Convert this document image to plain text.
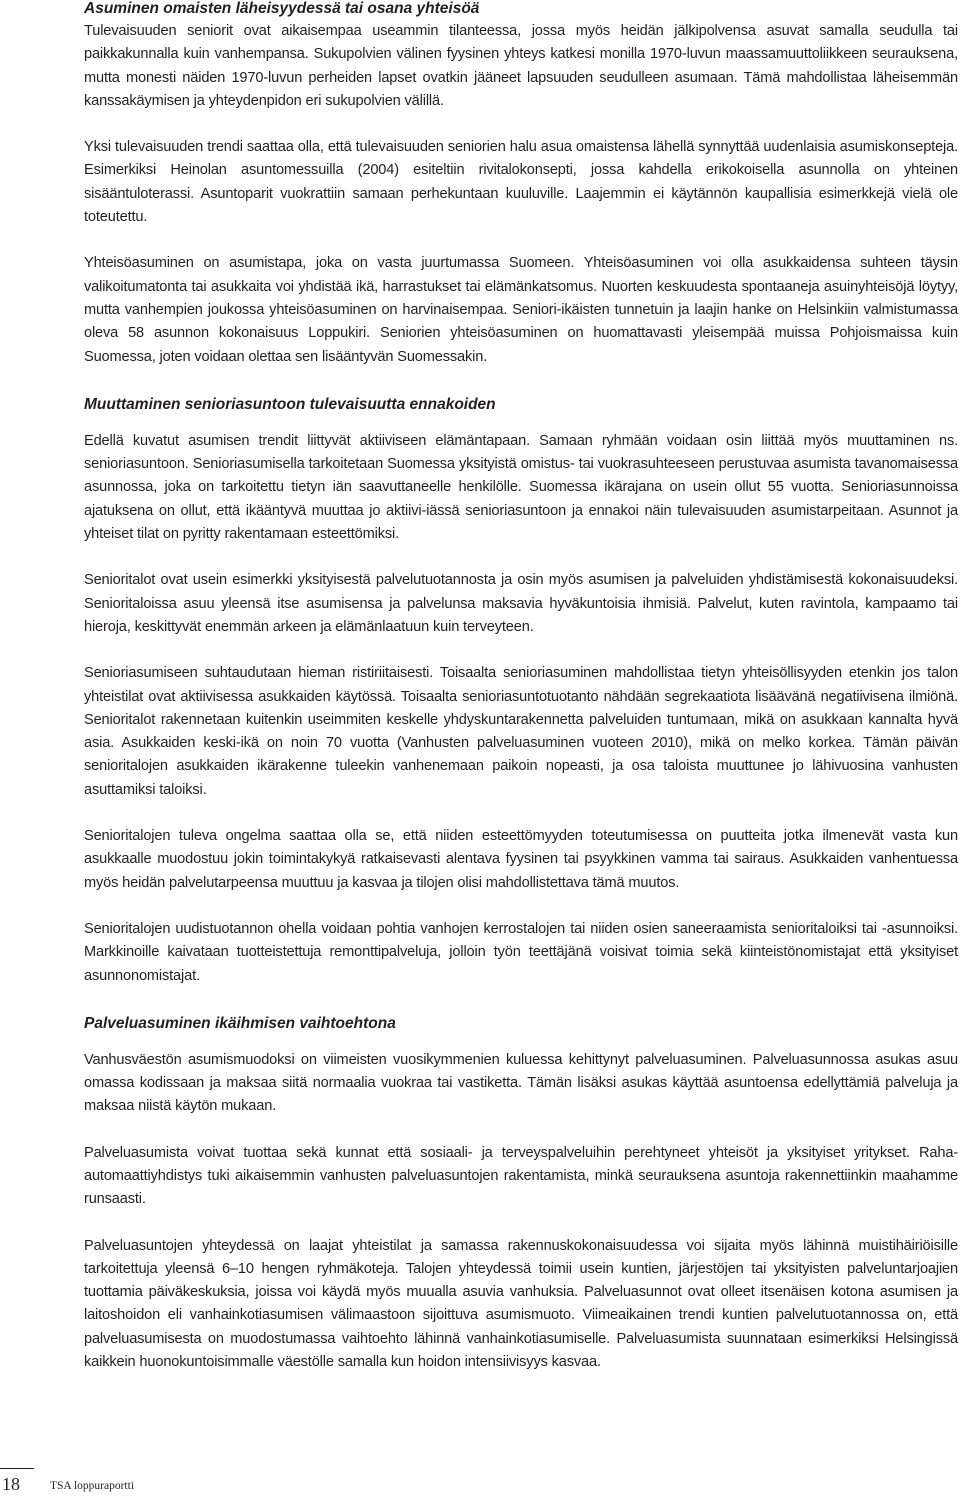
Asuminen omaisten läheisyydessä tai osana yhteisöä

Tulevaisuuden seniorit ovat aikaisempaa useammin tilanteessa, jossa myös heidän jälkipolvensa asuvat samalla seudulla tai paikkakunnalla kuin vanhempansa. Sukupolvien välinen fyysinen yhteys katkesi monilla 1970-luvun maassamuuttoliikkeen seurauksena, mutta monesti näiden 1970-luvun perheiden lapset ovatkin jääneet lapsuuden seudulleen asumaan. Tämä mahdollistaa läheisemmän kanssakäymisen ja yhteydenpidon eri sukupolvien välillä.

Yksi tulevaisuuden trendi saattaa olla, että tulevaisuuden seniorien halu asua omaistensa lähellä synnyttää uudenlaisia asumiskonsepteja. Esimerkiksi Heinolan asuntomessuilla (2004) esiteltiin rivitalokonsepti, jossa kahdella erikokoisella asunnolla on yhteinen sisääntuloterassi. Asuntoparit vuokrattiin samaan perhekuntaan kuuluville. Laajemmin ei käytännön kaupallisia esimerkkejä vielä ole toteutettu.

Yhteisöasuminen on asumistapa, joka on vasta juurtumassa Suomeen. Yhteisöasuminen voi olla asukkaidensa suhteen täysin valikoitumatonta tai asukkaita voi yhdistää ikä, harrastukset tai elämänkatsomus. Nuorten keskuudesta spontaaneja asuinyhteisöjä löytyy, mutta vanhempien joukossa yhteisöasuminen on harvinaisempaa. Seniori-ikäisten tunnetuin ja laajin hanke on Helsinkiin valmistumassa oleva 58 asunnon kokonaisuus Loppukiri. Seniorien yhteisöasuminen on huomattavasti yleisempää muissa Pohjoismaissa kuin Suomessa, joten voidaan olettaa sen lisääntyvän Suomessakin.

Muuttaminen senioriasuntoon tulevaisuutta ennakoiden

Edellä kuvatut asumisen trendit liittyvät aktiiviseen elämäntapaan. Samaan ryhmään voidaan osin liittää myös muuttaminen ns. senioriasuntoon. Senioriasumisella tarkoitetaan Suomessa yksityistä omistus- tai vuokrasuhteeseen perustuvaa asumista tavanomaisessa asunnossa, joka on tarkoitettu tietyn iän saavuttaneelle henkilölle. Suomessa ikärajana on usein ollut 55 vuotta. Senioriasunnoissa ajatuksena on ollut, että ikääntyvä muuttaa jo aktiivi-iässä senioriasuntoon ja ennakoi näin tulevaisuuden asumistarpeitaan. Asunnot ja yhteiset tilat on pyritty rakentamaan esteettömiksi.

Senioritalot ovat usein esimerkki yksityisestä palvelutuotannosta ja osin myös asumisen ja palveluiden yhdistämisestä kokonaisuudeksi. Senioritaloissa asuu yleensä itse asumisensa ja palvelunsa maksavia hyväkuntoisia ihmisiä. Palvelut, kuten ravintola, kampaamo tai hieroja, keskittyvät enemmän arkeen ja elämänlaatuun kuin terveyteen.

Senioriasumiseen suhtaudutaan hieman ristiriitaisesti. Toisaalta senioriasuminen mahdollistaa tietyn yhteisöllisyyden etenkin jos talon yhteistilat ovat aktiivisessa asukkaiden käytössä. Toisaalta senioriasuntotuotanto nähdään segrekaatiota lisäävänä negatiivisena ilmiönä. Senioritalot rakennetaan kuitenkin useimmiten keskelle yhdyskuntarakennetta palveluiden tuntumaan, mikä on asukkaan kannalta hyvä asia. Asukkaiden keski-ikä on noin 70 vuotta (Vanhusten palveluasuminen vuoteen 2010), mikä on melko korkea. Tämän päivän senioritalojen asukkaiden ikärakenne tuleekin vanhenemaan paikoin nopeasti, ja osa taloista muuttunee jo lähivuosina vanhusten asuttamiksi taloiksi.

Senioritalojen tuleva ongelma saattaa olla se, että niiden esteettömyyden toteutumisessa on puutteita jotka ilmenevät vasta kun asukkaalle muodostuu jokin toimintakykyä ratkaisevasti alentava fyysinen tai psyykkinen vamma tai sairaus. Asukkaiden vanhentuessa myös heidän palvelutarpeensa muuttuu ja kasvaa ja tilojen olisi mahdollistettava tämä muutos.

Senioritalojen uudistuotannon ohella voidaan pohtia vanhojen kerrostalojen tai niiden osien saneeraamista senioritaloiksi tai -asunnoiksi. Markkinoille kaivataan tuotteistettuja remonttipalveluja, jolloin työn teettäjänä voisivat toimia sekä kiinteistönomistajat että yksityiset asunnonomistajat.

Palveluasuminen ikäihmisen vaihtoehtona

Vanhusväestön asumismuodoksi on viimeisten vuosikymmenien kuluessa kehittynyt palveluasuminen. Palveluasunnossa asukas asuu omassa kodissaan ja maksaa siitä normaalia vuokraa tai vastiketta. Tämän lisäksi asukas käyttää asuntoensa edellyttämiä palveluja ja maksaa niistä käytön mukaan.

Palveluasumista voivat tuottaa sekä kunnat että sosiaali- ja terveyspalveluihin perehtyneet yhteisöt ja yksityiset yritykset. Raha-automaattiyhdistys tuki aikaisemmin vanhusten palveluasuntojen rakentamista, minkä seurauksena asuntoja rakennettiinkin maahamme runsaasti.

Palveluasuntojen yhteydessä on laajat yhteistilat ja samassa rakennuskokonaisuudessa voi sijaita myös lähinnä muistihäiriöisille tarkoitettuja yleensä 6–10 hengen ryhmäkoteja. Talojen yhteydessä toimii usein kuntien, järjestöjen tai yksityisten palveluntarjoajien tuottamia päiväkeskuksia, joissa voi käydä myös muualla asuvia vanhuksia. Palveluasunnot ovat olleet itsenäisen kotona asumisen ja laitoshoidon eli vanhainkotiasumisen välimaastoon sijoittuva asumismuoto. Viimeaikainen trendi kuntien palvelutuotannossa on, että palveluasumisesta on muodostumassa vaihtoehto lähinnä vanhainkotiasumiselle. Palveluasumista suunnataan esimerkiksi Helsingissä kaikkein huonokuntoisimmalle väestölle samalla kun hoidon intensiivisyys kasvaa.

18	TSA loppuraportti
